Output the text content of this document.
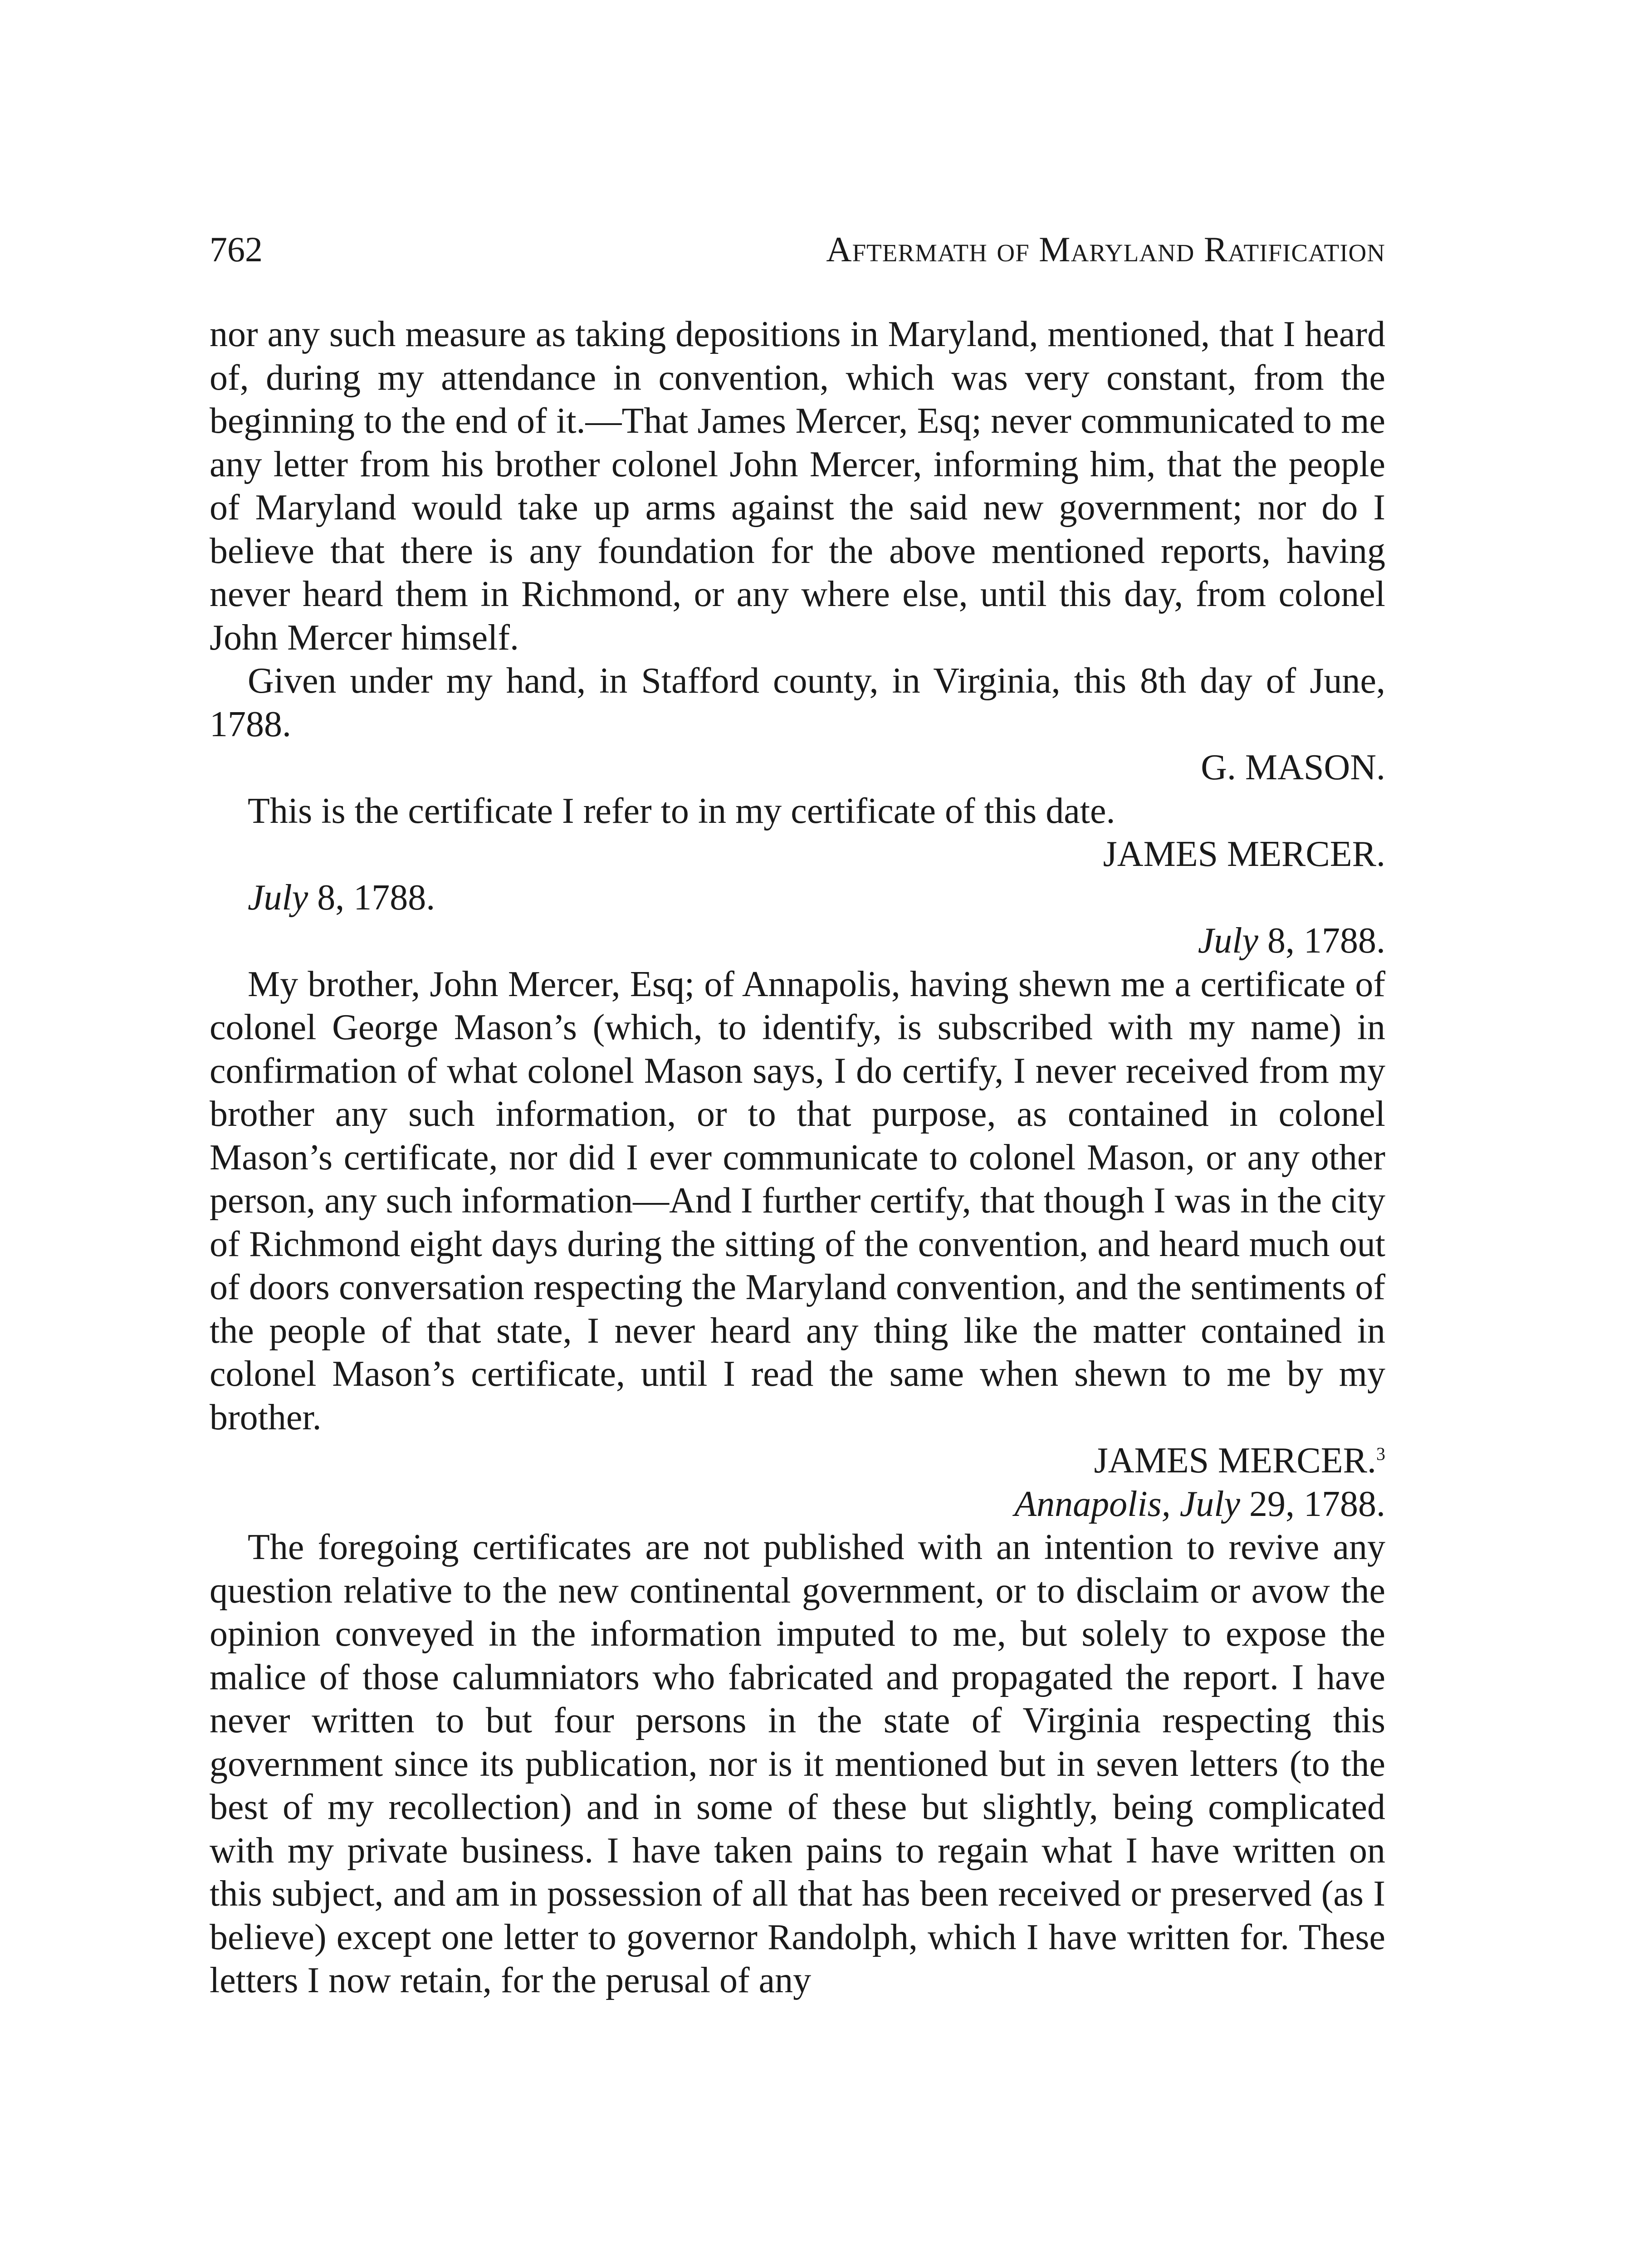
762	Aftermath of Maryland Ratification

nor any such measure as taking depositions in Maryland, mentioned, that I heard of, during my attendance in convention, which was very constant, from the beginning to the end of it.—That James Mercer, Esq; never communicated to me any letter from his brother colonel John Mercer, informing him, that the people of Maryland would take up arms against the said new government; nor do I believe that there is any foundation for the above mentioned reports, having never heard them in Richmond, or any where else, until this day, from colonel John Mercer himself.

Given under my hand, in Stafford county, in Virginia, this 8th day of June, 1788.

G. MASON.

This is the certificate I refer to in my certificate of this date.

JAMES MERCER.

July 8, 1788.

July 8, 1788.

My brother, John Mercer, Esq; of Annapolis, having shewn me a certificate of colonel George Mason’s (which, to identify, is subscribed with my name) in confirmation of what colonel Mason says, I do certify, I never received from my brother any such information, or to that purpose, as contained in colonel Mason’s certificate, nor did I ever communicate to colonel Mason, or any other person, any such information—And I further certify, that though I was in the city of Richmond eight days during the sitting of the convention, and heard much out of doors conversation respecting the Maryland convention, and the sentiments of the people of that state, I never heard any thing like the matter contained in colonel Mason’s certificate, until I read the same when shewn to me by my brother.

JAMES MERCER.$^3$

Annapolis, July 29, 1788.

The foregoing certificates are not published with an intention to revive any question relative to the new continental government, or to disclaim or avow the opinion conveyed in the information imputed to me, but solely to expose the malice of those calumniators who fabricated and propagated the report. I have never written to but four persons in the state of Virginia respecting this government since its publication, nor is it mentioned but in seven letters (to the best of my recollection) and in some of these but slightly, being complicated with my private business. I have taken pains to regain what I have written on this subject, and am in possession of all that has been received or preserved (as I believe) except one letter to governor Randolph, which I have written for. These letters I now retain, for the perusal of any
